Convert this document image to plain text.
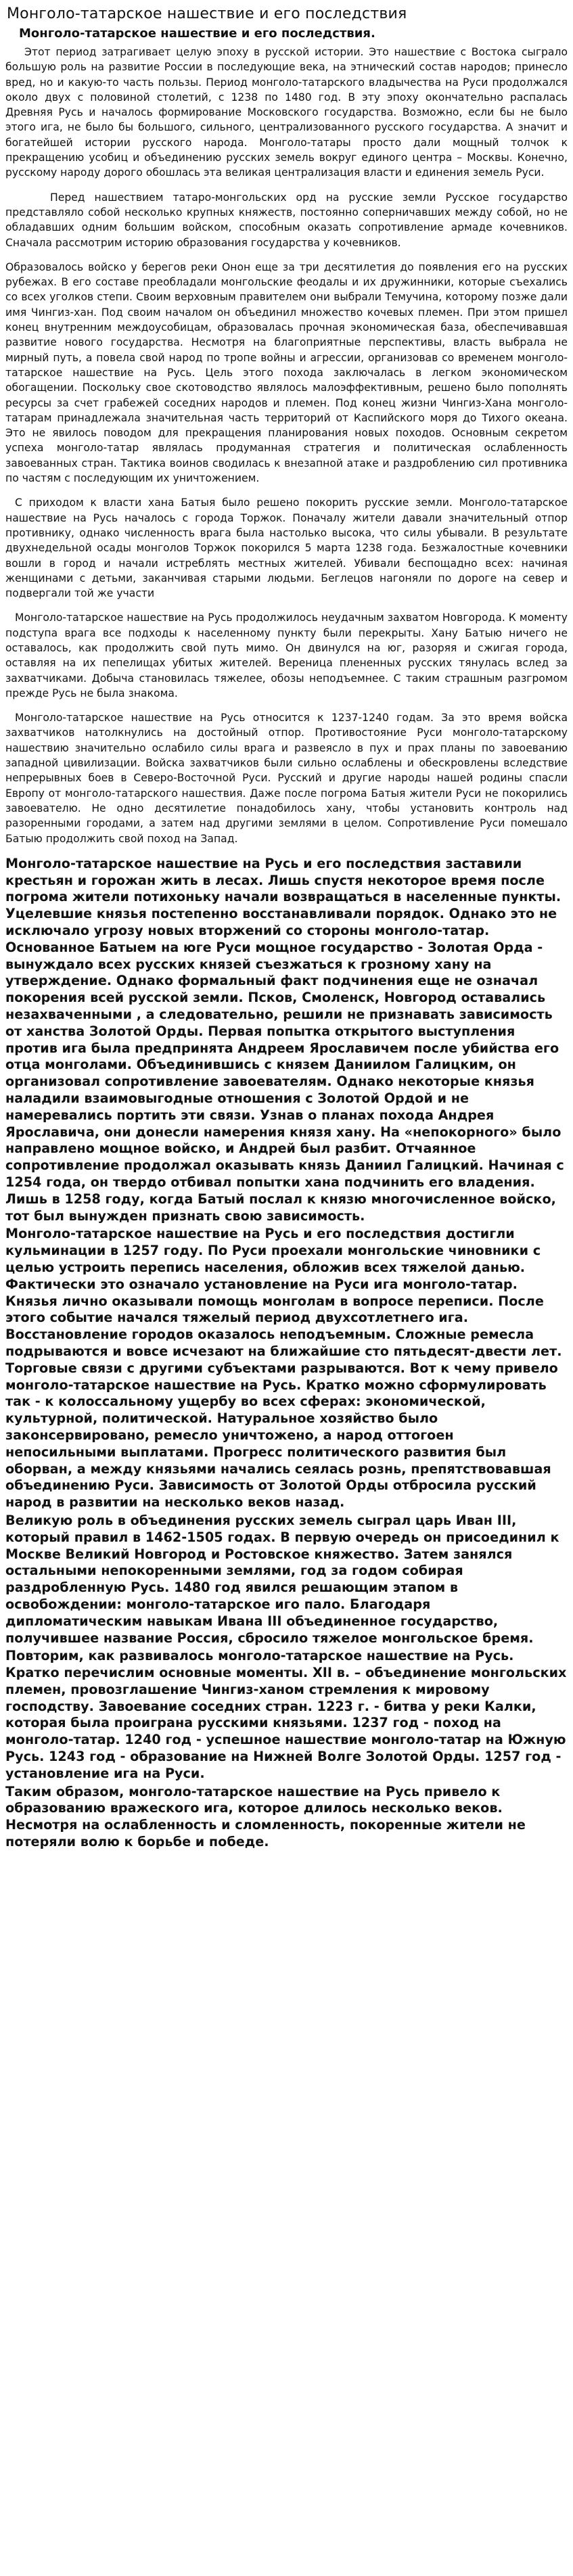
Монголо-татарское нашествие и его последствия
Монголо-татарское нашествие и его последствия.

Этот период затрагивает целую эпоху в русской истории. Это нашествие с Востока сыграло большую роль на развитие России в последующие века, на этнический состав народов; принесло вред, но и какую-то часть пользы. Период монголо-татарского владычества на Руси продолжался около двух с половиной столетий, с 1238 по 1480 год. В эту эпоху окончательно распалась Древняя Русь и началось формирование Московского государства. Возможно, если бы не было этого ига, не было бы большого, сильного, централизованного русского государства. А значит и богатейшей истории русского народа. Монголо-татары просто дали мощный толчок к прекращению усобиц и объединению русских земель вокруг единого центра – Москвы. Конечно, русскому народу дорого обошлась эта великая централизация власти и единения земель Руси.

Перед нашествием татаро-монгольских орд на русские земли Русское государство представляло собой несколько крупных княжеств, постоянно соперничавших между собой, но не обладавших одним большим войском, способным оказать сопротивление армаде кочевников. Сначала рассмотрим историю образования государства у кочевников.

Образовалось войско у берегов реки Онон еще за три десятилетия до появления его на русских рубежах. В его составе преобладали монгольские феодалы и их дружинники, которые съехались со всех уголков степи. Своим верховным правителем они выбрали Темучина, которому позже дали имя Чингиз-хан. Под своим началом он объединил множество кочевых племен. При этом пришел конец внутренним междоусобицам, образовалась прочная экономическая база, обеспечивавшая развитие нового государства. Несмотря на благоприятные перспективы, власть выбрала не мирный путь, а повела свой народ по тропе войны и агрессии, организовав со временем монголо-татарское нашествие на Русь. Цель этого похода заключалась в легком экономическом обогащении. Поскольку свое скотоводство являлось малоэффективным, решено было пополнять ресурсы за счет грабежей соседних народов и племен. Под конец жизни Чингиз-Хана монголо-татарам принадлежала значительная часть территорий от Каспийского моря до Тихого океана. Это не явилось поводом для прекращения планирования новых походов. Основным секретом успеха монголо-татар являлась продуманная стратегия и политическая ослабленность завоеванных стран. Тактика воинов сводилась к внезапной атаке и раздроблению сил противника по частям с последующим их уничтожением.

С приходом к власти хана Батыя было решено покорить русские земли. Монголо-татарское нашествие на Русь началось с города Торжок. Поначалу жители давали значительный отпор противнику, однако численность врага была настолько высока, что силы убывали. В результате двухнедельной осады монголов Торжок покорился 5 марта 1238 года. Безжалостные кочевники вошли в город и начали истреблять местных жителей. Убивали беспощадно всех: начиная женщинами с детьми, заканчивая старыми людьми. Беглецов нагоняли по дороге на север и подвергали той же участи

Монголо-татарское нашествие на Русь продолжилось неудачным захватом Новгорода. К моменту подступа врага все подходы к населенному пункту были перекрыты. Хану Батыю ничего не оставалось, как продолжить свой путь мимо. Он двинулся на юг, разоряя и сжигая города, оставляя на их пепелищах убитых жителей. Вереница плененных русских тянулась вслед за захватчиками. Добыча становилась тяжелее, обозы неподъемнее. С таким страшным разгромом прежде Русь не была знакома.

Монголо-татарское нашествие на Русь относится к 1237-1240 годам. За это время войска захватчиков натолкнулись на достойный отпор. Противостояние Руси монголо-татарскому нашествию значительно ослабило силы врага и развеясло в пух и прах планы по завоеванию западной цивилизации. Войска захватчиков были сильно ослаблены и обескровлены вследствие непрерывных боев в Северо-Восточной Руси. Русский и другие народы нашей родины спасли Европу от монголо-татарского нашествия. Даже после погрома Батыя жители Руси не покорились завоевателю. Не одно десятилетие понадобилось хану, чтобы установить контроль над разоренными городами, а затем над другими землями в целом. Сопротивление Руси помешало Батыю продолжить свой поход на Запад.

Монголо-татарское нашествие на Русь и его последствия заставили крестьян и горожан жить в лесах. Лишь спустя некоторое время после погрома жители потихоньку начали возвращаться в населенные пункты. Уцелевшие князья постепенно восстанавливали порядок. Однако это не исключало угрозу новых вторжений со стороны монголо-татар. Основанное Батыем на юге Руси мощное государство - Золотая Орда - вынуждало всех русских князей съезжаться к грозному хану на утверждение. Однако формальный факт подчинения еще не означал покорения всей русской земли. Псков, Смоленск, Новгород оставались незахваченными , а следовательно, решили не признавать зависимость от ханства Золотой Орды. Первая попытка открытого выступления против ига была предпринята Андреем Ярославичем после убийства его отца монголами. Объединившись с князем Даниилом Галицким, он организовал сопротивление завоевателям. Однако некоторые князья наладили взаимовыгодные отношения с Золотой Ордой и не намеревались портить эти связи. Узнав о планах похода Андрея Ярославича, они донесли намерения князя хану. На «непокорного» было направлено мощное войско, и Андрей был разбит. Отчаянное сопротивление продолжал оказывать князь Даниил Галицкий. Начиная с 1254 года, он твердо отбивал попытки хана подчинить его владения. Лишь в 1258 году, когда Батый послал к князю многочисленное войско, тот был вынужден признать свою зависимость.

Монголо-татарское нашествие на Русь и его последствия достигли кульминации в 1257 году. По Руси проехали монгольские чиновники с целью устроить перепись населения, обложив всех тяжелой данью. Фактически это означало установление на Руси ига монголо-татар. Князья лично оказывали помощь монголам в вопросе переписи. После этого событие начался тяжелый период двухсотлетнего ига. Восстановление городов оказалось неподъемным. Сложные ремесла подрываются и вовсе исчезают на ближайшие сто пятьдесят-двести лет. Торговые связи с другими субъектами разрываются. Вот к чему привело монголо-татарское нашествие на Русь. Кратко можно сформулировать так - к колоссальному ущербу во всех сферах: экономической, культурной, политической. Натуральное хозяйство было законсервировано, ремесло уничтожено, а народ оттогоен непосильными выплатами. Прогресс политического развития был оборван, а между князьями начались сеялась рознь, препятствовавшая объединению Руси. Зависимость от Золотой Орды отбросила русский народ в развитии на несколько веков назад.

Великую роль в объединения русских земель сыграл царь Иван III, который правил в 1462-1505 годах. В первую очередь он присоединил к Москве Великий Новгород и Ростовское княжество. Затем занялся остальными непокоренными землями, год за годом собирая раздробленную Русь. 1480 год явился решающим этапом в освобождении: монголо-татарское иго пало. Благодаря дипломатическим навыкам Ивана III объединенное государство, получившее название Россия, сбросило тяжелое монгольское бремя.

Повторим, как развивалось монголо-татарское нашествие на Русь. Кратко перечислим основные моменты. XII в. – объединение монгольских племен, провозглашение Чингиз-ханом стремления к мировому господству. Завоевание соседних стран. 1223 г. - битва у реки Калки, которая была проиграна русскими князьями. 1237 год - поход на монголо-татар. 1240 год - успешное нашествие монголо-татар на Южную Русь. 1243 год - образование на Нижней Волге Золотой Орды. 1257 год - установление ига на Руси.

Таким образом, монголо-татарское нашествие на Русь привело к образованию вражеского ига, которое длилось несколько веков. Несмотря на ослабленность и сломленность, покоренные жители не потеряли волю к борьбе и победе.
